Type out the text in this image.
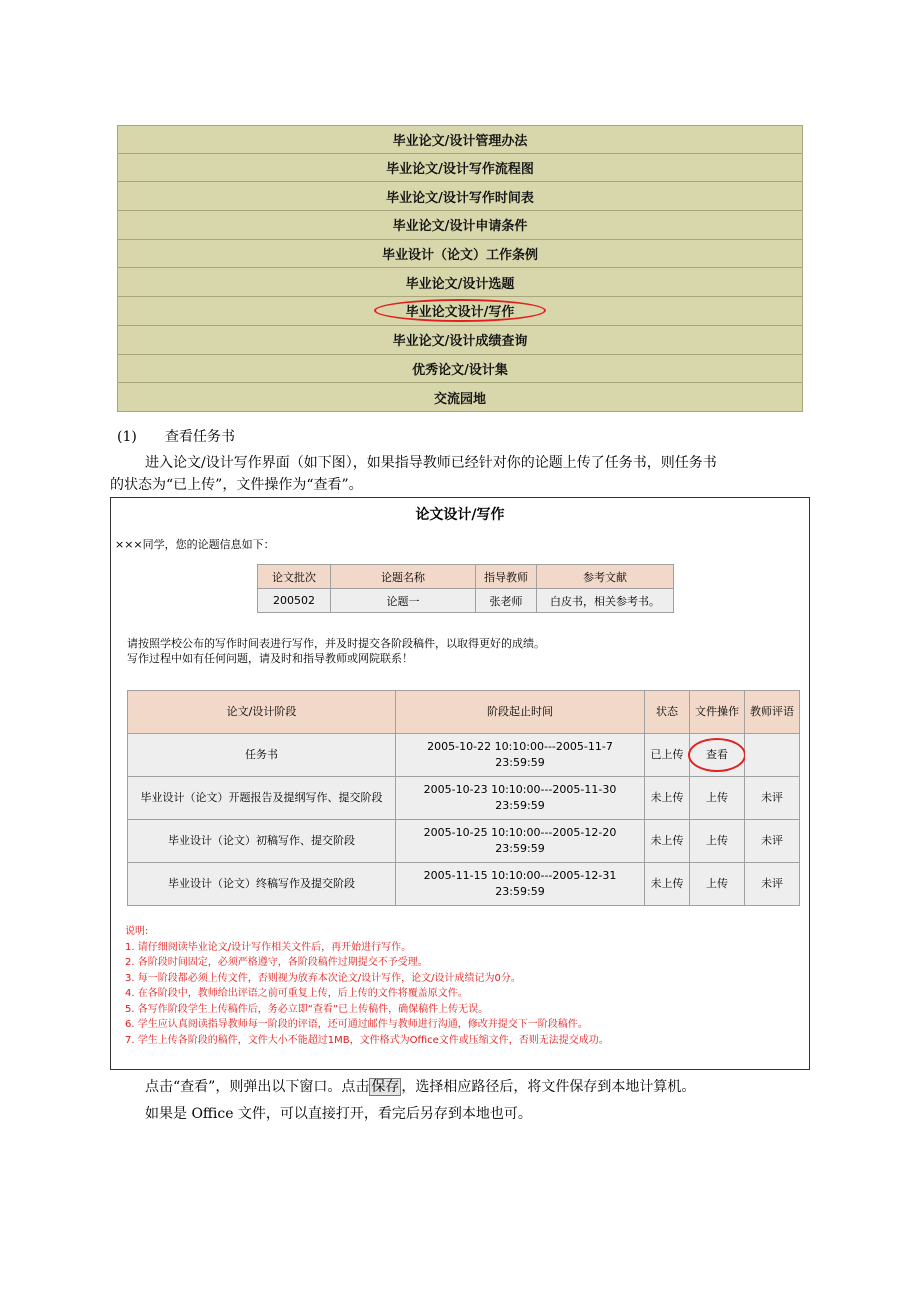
毕业论文/设计管理办法
毕业论文/设计写作流程图
毕业论文/设计写作时间表
毕业论文/设计申请条件
毕业设计（论文）工作条例
毕业论文/设计选题
毕业论文设计/写作
毕业论文/设计成绩查询
优秀论文/设计集
交流园地
(1) 查看任务书
进入论文/设计写作界面（如下图），如果指导教师已经针对你的论题上传了任务书，则任务书
的状态为“已上传”，文件操作为“查看”。
论文设计/写作
×××同学，您的论题信息如下：
论文批次	论题名称	指导教师	参考文献
200502	论题一	张老师	白皮书，相关参考书。
请按照学校公布的写作时间表进行写作，并及时提交各阶段稿件，以取得更好的成绩。
写作过程中如有任何问题，请及时和指导教师或网院联系！
论文/设计阶段	阶段起止时间	状态	文件操作	教师评语
任务书	2005-10-22 10:10:00---2005-11-7
23:59:59	已上传	查看

毕业设计（论文）开题报告及提纲写作、提交阶段	2005-10-23 10:10:00---2005-11-30
23:59:59	未上传	上传	未评
毕业设计（论文）初稿写作、提交阶段	2005-10-25 10:10:00---2005-12-20
23:59:59	未上传	上传	未评
毕业设计（论文）终稿写作及提交阶段	2005-11-15 10:10:00---2005-12-31
23:59:59	未上传	上传	未评
说明:
1. 请仔细阅读毕业论文/设计写作相关文件后，再开始进行写作。
2. 各阶段时间固定，必须严格遵守，各阶段稿件过期提交不予受理。
3. 每一阶段都必须上传文件，否则视为放弃本次论文/设计写作，论文/设计成绩记为0分。
4. 在各阶段中，教师给出评语之前可重复上传，后上传的文件将覆盖原文件。
5. 各写作阶段学生上传稿件后，务必立即“查看”已上传稿件，确保稿件上传无误。
6. 学生应认真阅读指导教师每一阶段的评语，还可通过邮件与教师进行沟通，修改并提交下一阶段稿件。
7. 学生上传各阶段的稿件，文件大小不能超过1MB，文件格式为Office文件或压缩文件，否则无法提交成功。
点击“查看”，则弹出以下窗口。点击 保存 ，选择相应路径后，将文件保存到本地计算机。
如果是 Office 文件，可以直接打开，看完后另存到本地也可。
